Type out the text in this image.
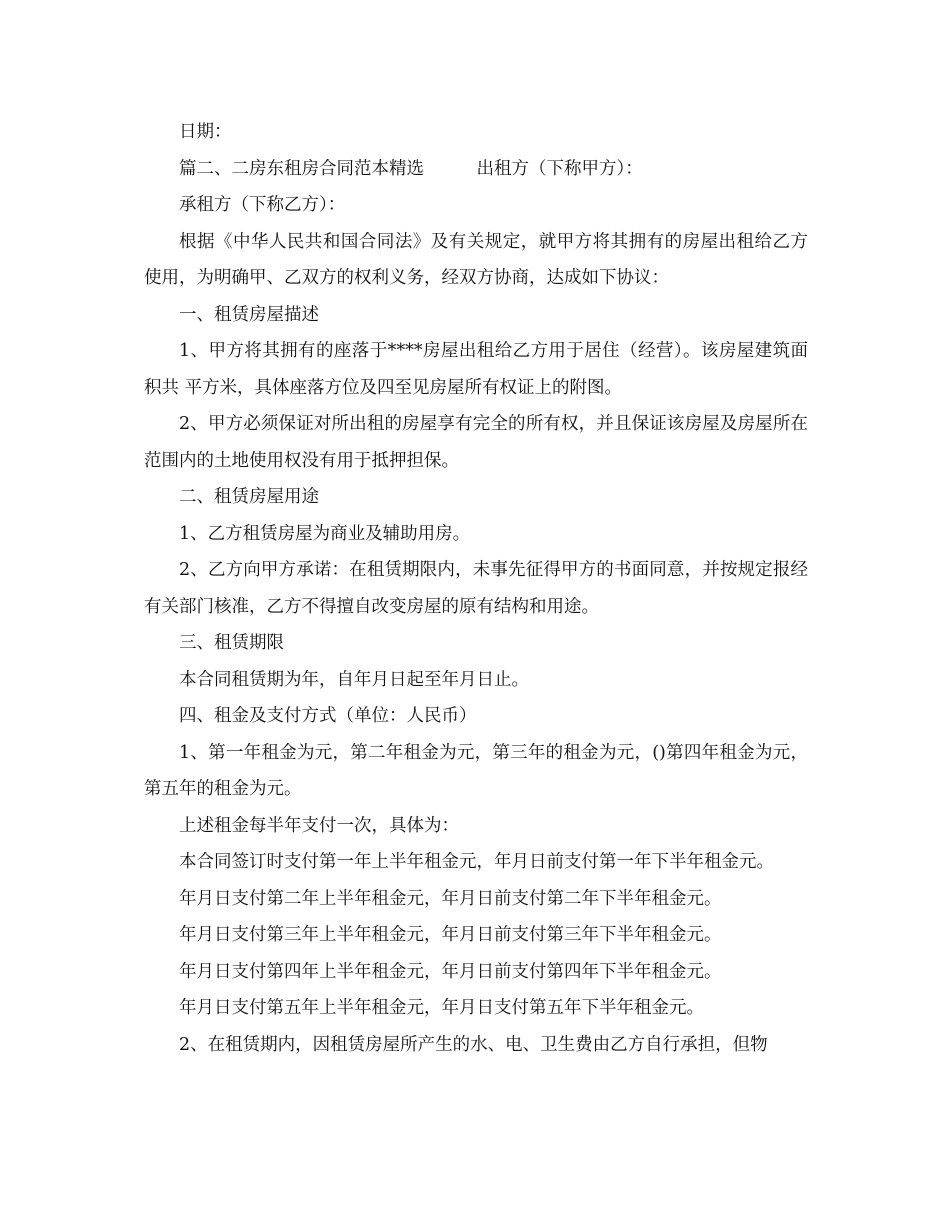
日期：

篇二、二房东租房合同范本精选　　　出租方（下称甲方）：

承租方（下称乙方）：

根据《中华人民共和国合同法》及有关规定，就甲方将其拥有的房屋出租给乙方使用，为明确甲、乙双方的权利义务，经双方协商，达成如下协议：

一、租赁房屋描述

1、甲方将其拥有的座落于****房屋出租给乙方用于居住（经营）。该房屋建筑面积共 平方米，具体座落方位及四至见房屋所有权证上的附图。

2、甲方必须保证对所出租的房屋享有完全的所有权，并且保证该房屋及房屋所在范围内的土地使用权没有用于抵押担保。

二、租赁房屋用途

1、乙方租赁房屋为商业及辅助用房。

2、乙方向甲方承诺：在租赁期限内，未事先征得甲方的书面同意，并按规定报经有关部门核准，乙方不得擅自改变房屋的原有结构和用途。

三、租赁期限

本合同租赁期为年，自年月日起至年月日止。

四、租金及支付方式（单位：人民币）

1、第一年租金为元，第二年租金为元，第三年的租金为元，()第四年租金为元，第五年的租金为元。

上述租金每半年支付一次，具体为：

本合同签订时支付第一年上半年租金元，年月日前支付第一年下半年租金元。

年月日支付第二年上半年租金元，年月日前支付第二年下半年租金元。

年月日支付第三年上半年租金元，年月日前支付第三年下半年租金元。

年月日支付第四年上半年租金元，年月日前支付第四年下半年租金元。

年月日支付第五年上半年租金元，年月日支付第五年下半年租金元。

2、在租赁期内，因租赁房屋所产生的水、电、卫生费由乙方自行承担，但物
